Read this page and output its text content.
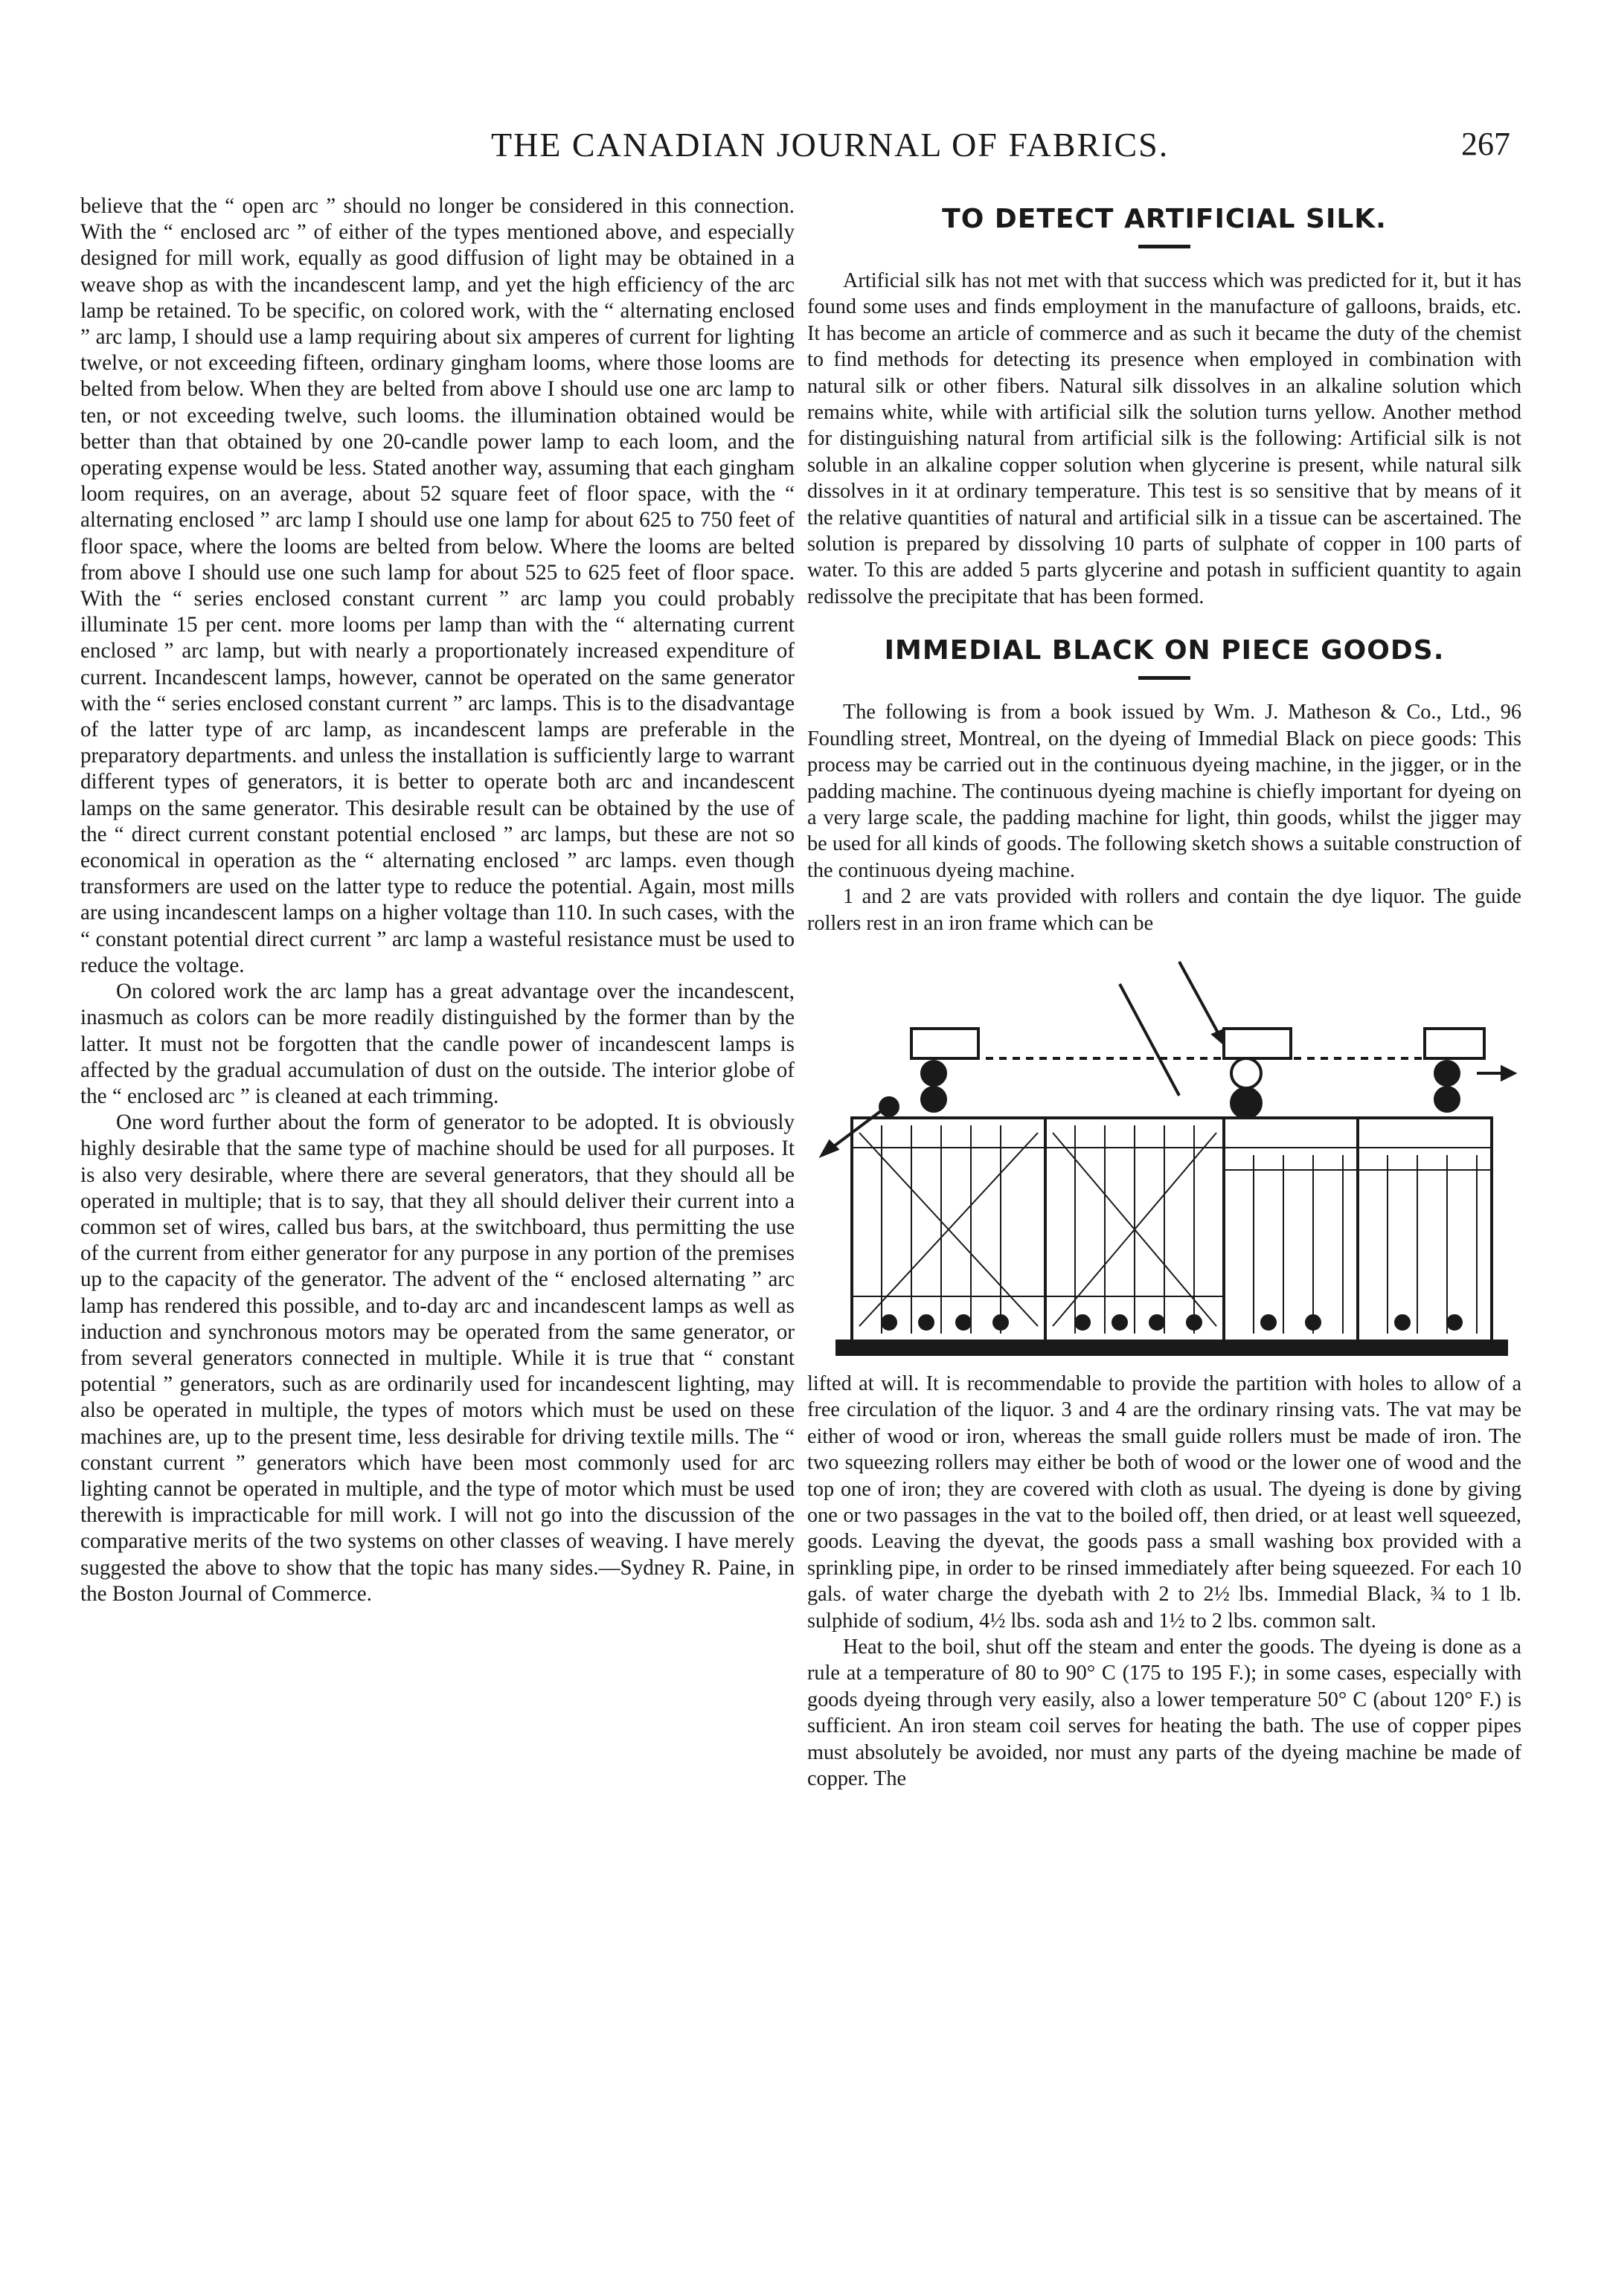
THE CANADIAN JOURNAL OF FABRICS.	267

believe that the “ open arc ” should no longer be considered in this connection. With the “ enclosed arc ” of either of the types mentioned above, and especially designed for mill work, equally as good diffusion of light may be obtained in a weave shop as with the incandescent lamp, and yet the high efficiency of the arc lamp be retained. To be specific, on colored work, with the “ alternating enclosed ” arc lamp, I should use a lamp requiring about six amperes of current for lighting twelve, or not exceeding fifteen, ordinary gingham looms, where those looms are belted from below. When they are belted from above I should use one arc lamp to ten, or not exceeding twelve, such looms. the illumination obtained would be better than that obtained by one 20-candle power lamp to each loom, and the operating expense would be less. Stated another way, assuming that each gingham loom requires, on an average, about 52 square feet of floor space, with the “ alternating enclosed ” arc lamp I should use one lamp for about 625 to 750 feet of floor space, where the looms are belted from below. Where the looms are belted from above I should use one such lamp for about 525 to 625 feet of floor space. With the “ series enclosed constant current ” arc lamp you could probably illuminate 15 per cent. more looms per lamp than with the “ alternating current enclosed ” arc lamp, but with nearly a proportionately increased expenditure of current. Incandescent lamps, however, cannot be operated on the same generator with the “ series enclosed constant current ” arc lamps. This is to the disadvantage of the latter type of arc lamp, as incandescent lamps are preferable in the preparatory departments. and unless the installation is sufficiently large to warrant different types of generators, it is better to operate both arc and incandescent lamps on the same generator. This desirable result can be obtained by the use of the “ direct current constant potential enclosed ” arc lamps, but these are not so economical in operation as the “ alternating enclosed ” arc lamps. even though transformers are used on the latter type to reduce the potential. Again, most mills are using incandescent lamps on a higher voltage than 110. In such cases, with the “ constant potential direct current ” arc lamp a wasteful resistance must be used to reduce the voltage.

On colored work the arc lamp has a great advantage over the incandescent, inasmuch as colors can be more readily distinguished by the former than by the latter. It must not be forgotten that the candle power of incandescent lamps is affected by the gradual accumulation of dust on the outside. The interior globe of the “ enclosed arc ” is cleaned at each trimming.

One word further about the form of generator to be adopted. It is obviously highly desirable that the same type of machine should be used for all purposes. It is also very desirable, where there are several generators, that they should all be operated in multiple; that is to say, that they all should deliver their current into a common set of wires, called bus bars, at the switchboard, thus permitting the use of the current from either generator for any purpose in any portion of the premises up to the capacity of the generator. The advent of the “ enclosed alternating ” arc lamp has rendered this possible, and to-day arc and incandescent lamps as well as induction and synchronous motors may be operated from the same generator, or from several generators connected in multiple. While it is true that “ constant potential ” generators, such as are ordinarily used for incandescent lighting, may also be operated in multiple, the types of motors which must be used on these machines are, up to the present time, less desirable for driving textile mills. The “ constant current ” generators which have been most commonly used for arc lighting cannot be operated in multiple, and the type of motor which must be used therewith is impracticable for mill work. I will not go into the discussion of the comparative merits of the two systems on other classes of weaving. I have merely suggested the above to show that the topic has many sides.—Sydney R. Paine, in the Boston Journal of Commerce.

TO DETECT ARTIFICIAL SILK.

Artificial silk has not met with that success which was predicted for it, but it has found some uses and finds employment in the manufacture of galloons, braids, etc. It has become an article of commerce and as such it became the duty of the chemist to find methods for detecting its presence when employed in combination with natural silk or other fibers. Natural silk dissolves in an alkaline solution which remains white, while with artificial silk the solution turns yellow. Another method for distinguishing natural from artificial silk is the following: Artificial silk is not soluble in an alkaline copper solution when glycerine is present, while natural silk dissolves in it at ordinary temperature. This test is so sensitive that by means of it the relative quantities of natural and artificial silk in a tissue can be ascertained. The solution is prepared by dissolving 10 parts of sulphate of copper in 100 parts of water. To this are added 5 parts glycerine and potash in sufficient quantity to again redissolve the precipitate that has been formed.

IMMEDIAL BLACK ON PIECE GOODS.

The following is from a book issued by Wm. J. Matheson & Co., Ltd., 96 Foundling street, Montreal, on the dyeing of Immedial Black on piece goods: This process may be carried out in the continuous dyeing machine, in the jigger, or in the padding machine. The continuous dyeing machine is chiefly important for dyeing on a very large scale, the padding machine for light, thin goods, whilst the jigger may be used for all kinds of goods. The following sketch shows a suitable construction of the continuous dyeing machine.

1 and 2 are vats provided with rollers and contain the dye liquor. The guide rollers rest in an iron frame which can be

lifted at will. It is recommendable to provide the partition with holes to allow of a free circulation of the liquor. 3 and 4 are the ordinary rinsing vats. The vat may be either of wood or iron, whereas the small guide rollers must be made of iron. The two squeezing rollers may either be both of wood or the lower one of wood and the top one of iron; they are covered with cloth as usual. The dyeing is done by giving one or two passages in the vat to the boiled off, then dried, or at least well squeezed, goods. Leaving the dyevat, the goods pass a small washing box provided with a sprinkling pipe, in order to be rinsed immediately after being squeezed. For each 10 gals. of water charge the dyebath with 2 to 2½ lbs. Immedial Black, ¾ to 1 lb. sulphide of sodium, 4½ lbs. soda ash and 1½ to 2 lbs. common salt.

Heat to the boil, shut off the steam and enter the goods. The dyeing is done as a rule at a temperature of 80 to 90° C (175 to 195 F.); in some cases, especially with goods dyeing through very easily, also a lower temperature 50° C (about 120° F.) is sufficient. An iron steam coil serves for heating the bath. The use of copper pipes must absolutely be avoided, nor must any parts of the dyeing machine be made of copper. The
